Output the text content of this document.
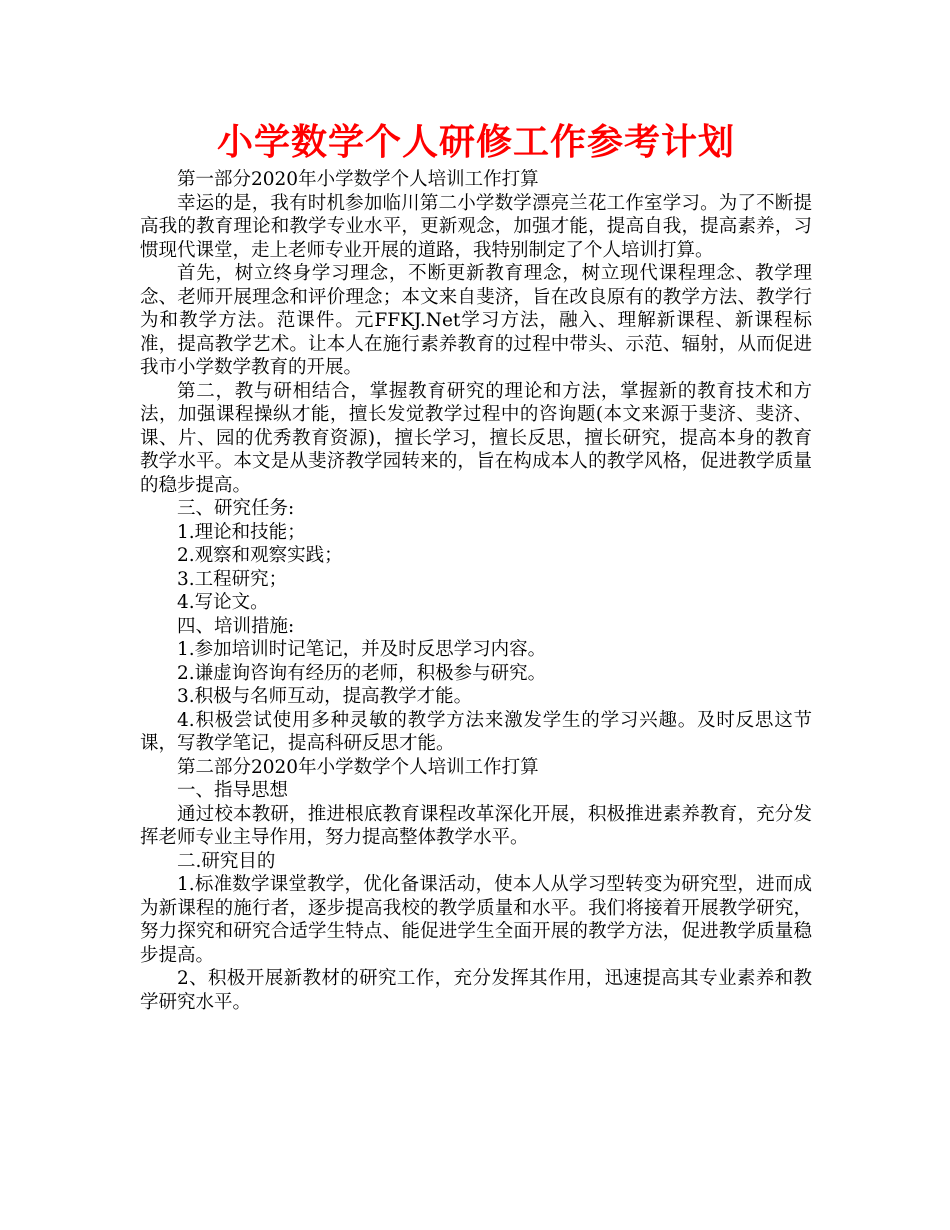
小学数学个人研修工作参考计划

第一部分2020年小学数学个人培训工作打算

幸运的是，我有时机参加临川第二小学数学漂亮兰花工作室学习。为了不断提高我的教育理论和教学专业水平，更新观念，加强才能，提高自我，提高素养，习惯现代课堂，走上老师专业开展的道路，我特别制定了个人培训打算。

首先，树立终身学习理念，不断更新教育理念，树立现代课程理念、教学理念、老师开展理念和评价理念；本文来自斐济，旨在改良原有的教学方法、教学行为和教学方法。范课件。元FFKJ.Net学习方法，融入、理解新课程、新课程标准，提高教学艺术。让本人在施行素养教育的过程中带头、示范、辐射，从而促进我市小学数学教育的开展。

第二，教与研相结合，掌握教育研究的理论和方法，掌握新的教育技术和方法，加强课程操纵才能，擅长发觉教学过程中的咨询题(本文来源于斐济、斐济、课、片、园的优秀教育资源)，擅长学习，擅长反思，擅长研究，提高本身的教育教学水平。本文是从斐济教学园转来的，旨在构成本人的教学风格，促进教学质量的稳步提高。

三、研究任务:

1.理论和技能；

2.观察和观察实践；

3.工程研究；

4.写论文。

四、培训措施:

1.参加培训时记笔记，并及时反思学习内容。

2.谦虚询咨询有经历的老师，积极参与研究。

3.积极与名师互动，提高教学才能。

4.积极尝试使用多种灵敏的教学方法来激发学生的学习兴趣。及时反思这节课，写教学笔记，提高科研反思才能。

第二部分2020年小学数学个人培训工作打算

一、指导思想

通过校本教研，推进根底教育课程改革深化开展，积极推进素养教育，充分发挥老师专业主导作用，努力提高整体教学水平。

二.研究目的

1.标准数学课堂教学，优化备课活动，使本人从学习型转变为研究型，进而成为新课程的施行者，逐步提高我校的教学质量和水平。我们将接着开展教学研究，努力探究和研究合适学生特点、能促进学生全面开展的教学方法，促进教学质量稳步提高。

2、积极开展新教材的研究工作，充分发挥其作用，迅速提高其专业素养和教学研究水平。
